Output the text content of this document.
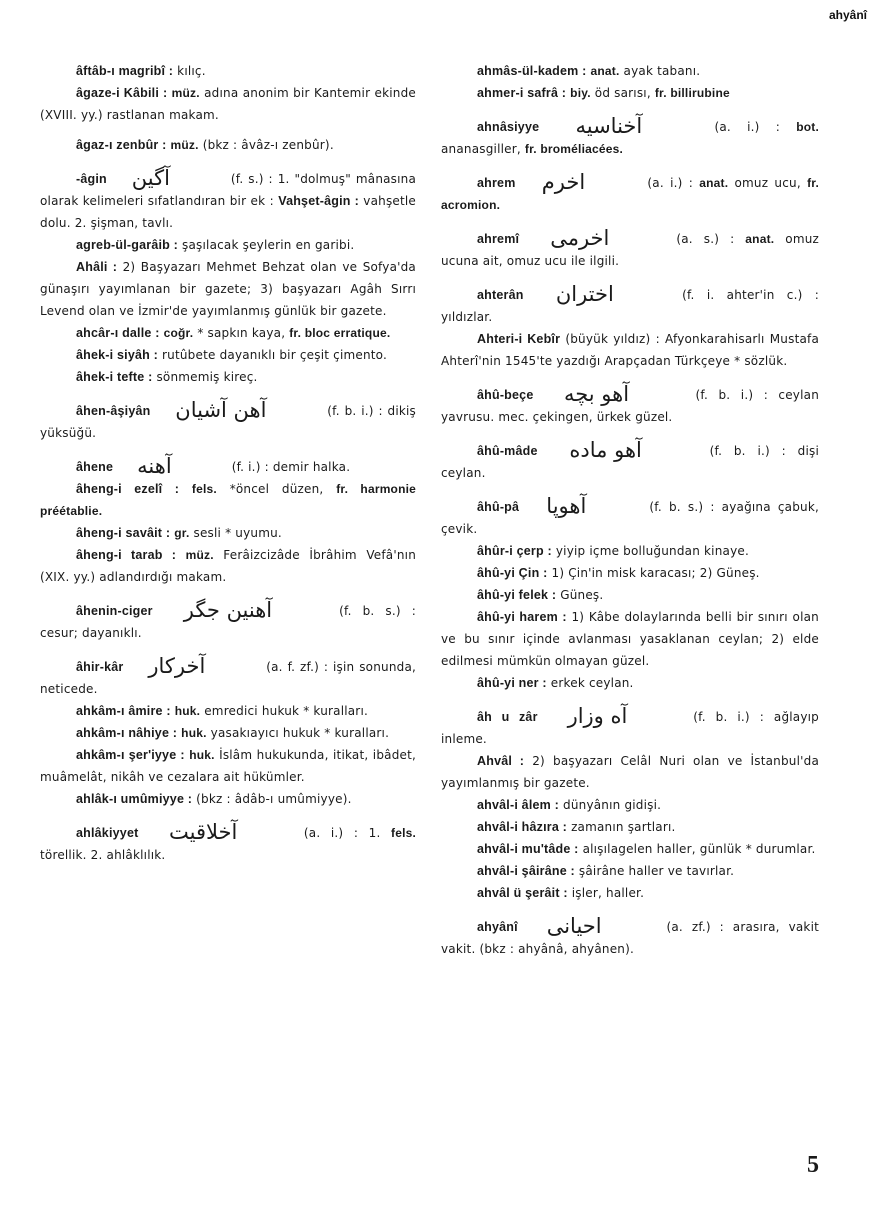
ahyânî
âftâb-ı magribî : kılıç.
âgaze-i Kâbili : müz. adına anonim bir Kantemir ekinde (XVIII. yy.) rastlanan makam.
âgaz-ı zenbûr : müz. (bkz : âvâz-ı zenbûr).
-âgin آگین	(f. s.) : 1. "dolmuş" mânasına olarak kelimeleri sıfatlandıran bir ek : Vahşet-âgin : vahşetle dolu. 2. şişman, tavlı.
agreb-ül-garâib : şaşılacak şeylerin en garibi.
Ahâli : 2) Başyazarı Mehmet Behzat olan ve Sofya'da günaşırı yayımlanan bir gazete; 3) başyazarı Agâh Sırrı Levend olan ve İzmir'de yayımlanmış günlük bir gazete.
ahcâr-ı dalle : coğr. * sapkın kaya, fr. bloc erratique.
âhek-i siyâh : rutûbete dayanıklı bir çeşit çimento.
âhek-i tefte : sönmemiş kireç.
âhen-âşiyân آهن آشیان	(f. b. i.) : dikiş yüksüğü.
âhene آهنه	(f. i.) : demir halka.
âheng-i ezelî : fels. *öncel düzen, fr. harmonie préétablie.
âheng-i savâit : gr. sesli * uyumu.
âheng-i tarab : müz. Ferâizcizâde İbrâhim Vefâ'nın (XIX. yy.) adlandırdığı makam.
âhenin-ciger آهنین جگر	(f. b. s.) : cesur; dayanıklı.
âhir-kâr آخرکار	(a. f. zf.) : işin sonunda, neticede.
ahkâm-ı âmire : huk. emredici hukuk * kuralları.
ahkâm-ı nâhiye : huk. yasakıayıcı hukuk * kuralları.
ahkâm-ı şer'iyye : huk. İslâm hukukunda, itikat, ibâdet, muâmelât, nikâh ve cezalara ait hükümler.
ahlâk-ı umûmiyye : (bkz : âdâb-ı umûmiyye).
ahlâkiyyet آخلاقیت	(a. i.) : 1. fels. törellik. 2. ahlâklılık.
ahmâs-ül-kadem : anat. ayak tabanı.
ahmer-i safrâ : biy. öd sarısı, fr. billirubine
ahnâsiyye آخناسیه	(a. i.) : bot. ananasgiller, fr. broméliacées.
ahrem اخرم	(a. i.) : anat. omuz ucu, fr. acromion.
ahremî اخرمی	(a. s.) : anat. omuz ucuna ait, omuz ucu ile ilgili.
ahterân اختران	(f. i. ahter'in c.) : yıldızlar.
Ahteri-i Kebîr (büyük yıldız) : Afyonkarahisarlı Mustafa Ahterî'nin 1545'te yazdığı Arapçadan Türkçeye * sözlük.
âhû-beçe آهو بچه	(f. b. i.) : ceylan yavrusu. mec. çekingen, ürkek güzel.
âhû-mâde آهو ماده	(f. b. i.) : dişi ceylan.
âhû-pâ آهوپا	(f. b. s.) : ayağına çabuk, çevik.
âhûr-i çerp : yiyip içme bolluğundan kinaye.
âhû-yi Çin : 1) Çin'in misk karacası; 2) Güneş.
âhû-yi felek : Güneş.
âhû-yi harem : 1) Kâbe dolaylarında belli bir sınırı olan ve bu sınır içinde avlanması yasaklanan ceylan; 2) elde edilmesi mümkün olmayan güzel.
âhû-yi ner : erkek ceylan.
âh u zâr آه وزار	(f. b. i.) : ağlayıp inleme.
Ahvâl : 2) başyazarı Celâl Nuri olan ve İstanbul'da yayımlanmış bir gazete.
ahvâl-i âlem : dünyânın gidişi.
ahvâl-i hâzıra : zamanın şartları.
ahvâl-i mu'tâde : alışılagelen haller, günlük * durumlar.
ahvâl-i şâirâne : şâirâne haller ve tavırlar.
ahvâl ü şerâit : işler, haller.
ahyânî احیانی	(a. zf.) : arasıra, vakit vakit. (bkz : ahyânâ, ahyânen).
5
